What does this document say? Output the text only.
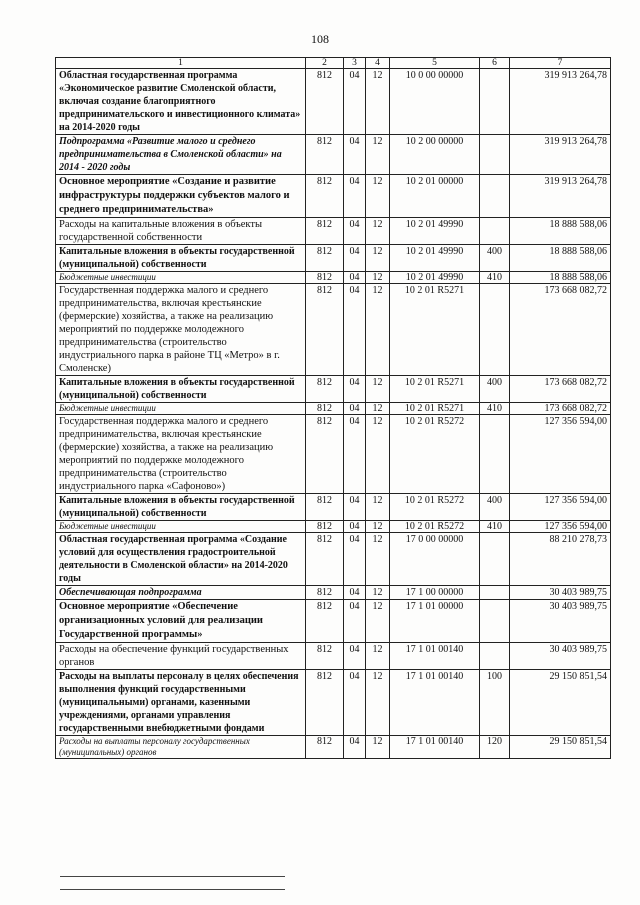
108
1	2	3	4	5	6	7
Областная государственная программа «Экономическое развитие Смоленской области, включая создание благоприятного предпринимательского и инвестиционного климата» на 2014-2020 годы	812	04	12	10 0 00 00000		319 913 264,78
Подпрограмма «Развитие малого и среднего предпринимательства в Смоленской области» на 2014 - 2020 годы	812	04	12	10 2 00 00000		319 913 264,78
Основное мероприятие «Создание и развитие инфраструктуры поддержки субъектов малого и среднего предпринимательства»	812	04	12	10 2 01 00000		319 913 264,78
Расходы на капитальные вложения в объекты государственной собственности	812	04	12	10 2 01 49990		18 888 588,06
Капитальные вложения в объекты государственной (муниципальной) собственности	812	04	12	10 2 01 49990	400	18 888 588,06
Бюджетные инвестиции	812	04	12	10 2 01 49990	410	18 888 588,06
Государственная поддержка малого и среднего предпринимательства, включая крестьянские (фермерские) хозяйства, а также на реализацию мероприятий по поддержке молодежного предпринимательства (строительство индустриального парка в районе ТЦ «Метро» в г. Смоленске)	812	04	12	10 2 01 R5271		173 668 082,72
Капитальные вложения в объекты государственной (муниципальной) собственности	812	04	12	10 2 01 R5271	400	173 668 082,72
Бюджетные инвестиции	812	04	12	10 2 01 R5271	410	173 668 082,72
Государственная поддержка малого и среднего предпринимательства, включая крестьянские (фермерские) хозяйства, а также на реализацию мероприятий по поддержке молодежного предпринимательства (строительство индустриального парка «Сафоново»)	812	04	12	10 2 01 R5272		127 356 594,00
Капитальные вложения в объекты государственной (муниципальной) собственности	812	04	12	10 2 01 R5272	400	127 356 594,00
Бюджетные инвестиции	812	04	12	10 2 01 R5272	410	127 356 594,00
Областная государственная программа «Создание условий для осуществления градостроительной деятельности в Смоленской области» на 2014-2020 годы	812	04	12	17 0 00 00000		88 210 278,73
Обеспечивающая подпрограмма	812	04	12	17 1 00 00000		30 403 989,75
Основное мероприятие «Обеспечение организационных условий для реализации Государственной программы»	812	04	12	17 1 01 00000		30 403 989,75
Расходы на обеспечение функций государственных органов	812	04	12	17 1 01 00140		30 403 989,75
Расходы на выплаты персоналу в целях обеспечения выполнения функций государственными (муниципальными) органами, казенными учреждениями, органами управления государственными внебюджетными фондами	812	04	12	17 1 01 00140	100	29 150 851,54
Расходы на выплаты персоналу государственных (муниципальных) органов	812	04	12	17 1 01 00140	120	29 150 851,54
